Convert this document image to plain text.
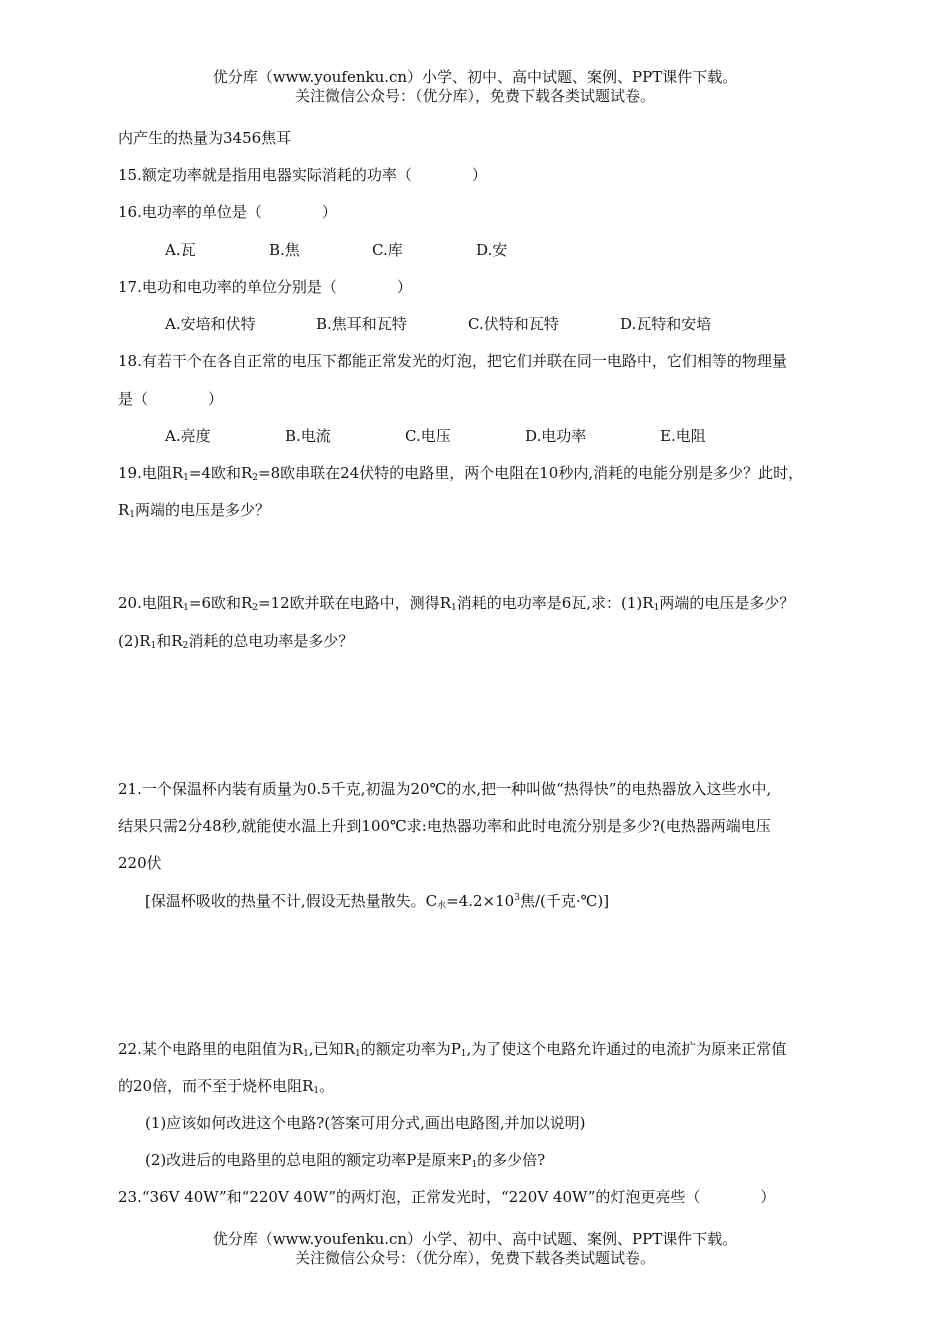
优分库（www.youfenku.cn）小学、初中、高中试题、案例、PPT课件下载。
关注微信公众号：（优分库），免费下载各类试题试卷。
内产生的热量为3456焦耳
15.额定功率就是指用电器实际消耗的功率（　　　　）
16.电功率的单位是（　　　　）
A.瓦	B.焦	C.库	D.安
17.电功和电功率的单位分别是（　　　　）
A.安培和伏特	B.焦耳和瓦特	C.伏特和瓦特	D.瓦特和安培
18.有若干个在各自正常的电压下都能正常发光的灯泡，把它们并联在同一电路中，它们相等的物理量
是（　　　　）
A.亮度	B.电流	C.电压	D.电功率	E.电阻
19.电阻$R_1=4$欧和$R_2=8$欧串联在24伏特的电路里，两个电阻在10秒内,消耗的电能分别是多少？此时，
$R_1$两端的电压是多少？
20.电阻$R_1=6$欧和$R_2=12$欧并联在电路中，测得$R_1$消耗的电功率是6瓦,求：$(1)R_1$两端的电压是多少？
$(2)R_1$和$R_2$消耗的总电功率是多少？
21.一个保温杯内装有质量为0.5千克,初温为20℃的水,把一种叫做“热得快”的电热器放入这些水中,
结果只需2分48秒,就能使水温上升到100℃求:电热器功率和此时电流分别是多少?(电热器两端电压
220伏
[保温杯吸收的热量不计,假设无热量散失。$C_水=4.2\times 10^3$焦/(千克·℃)]
22.某个电路里的电阻值为$R_1$,已知$R_1$的额定功率为$P_1$,为了使这个电路允许通过的电流扩为原来正常值
的20倍，而不至于烧杯电阻$R_1$。
(1)应该如何改进这个电路?(答案可用分式,画出电路图,并加以说明)
(2)改进后的电路里的总电阻的额定功率P是原来$P_1$的多少倍?
23.“36V 40W”和“220V 40W”的两灯泡，正常发光时，“220V 40W”的灯泡更亮些（　　　　）
优分库（www.youfenku.cn）小学、初中、高中试题、案例、PPT课件下载。
关注微信公众号：（优分库），免费下载各类试题试卷。
